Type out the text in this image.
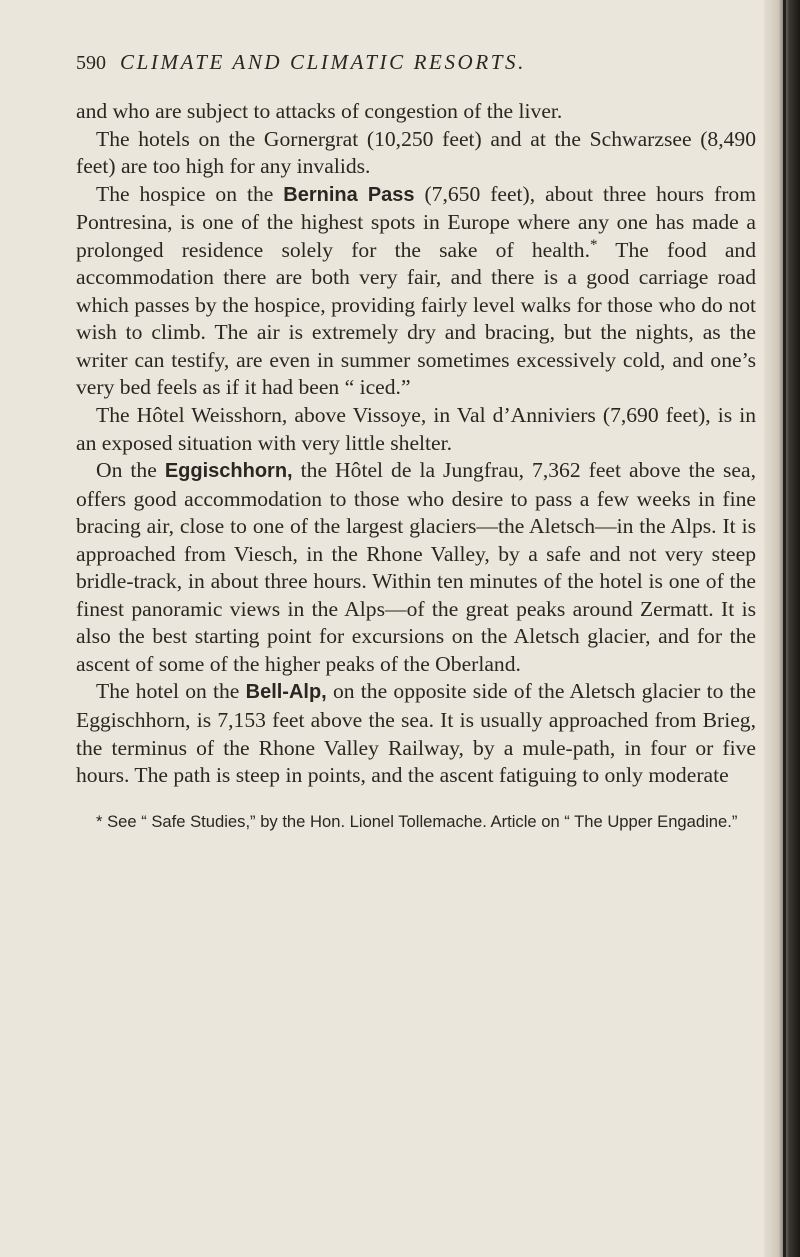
590 CLIMATE AND CLIMATIC RESORTS.

and who are subject to attacks of congestion of the liver.

The hotels on the Gornergrat (10,250 feet) and at the Schwarzsee (8,490 feet) are too high for any invalids.

The hospice on the Bernina Pass (7,650 feet), about three hours from Pontresina, is one of the highest spots in Europe where any one has made a prolonged residence solely for the sake of health.* The food and accommodation there are both very fair, and there is a good carriage road which passes by the hospice, providing fairly level walks for those who do not wish to climb. The air is extremely dry and bracing, but the nights, as the writer can testify, are even in summer sometimes excessively cold, and one’s very bed feels as if it had been “ iced.”

The Hôtel Weisshorn, above Vissoye, in Val d’Anniviers (7,690 feet), is in an exposed situation with very little shelter.

On the Eggischhorn, the Hôtel de la Jungfrau, 7,362 feet above the sea, offers good accommodation to those who desire to pass a few weeks in fine bracing air, close to one of the largest glaciers—the Aletsch—in the Alps. It is approached from Viesch, in the Rhone Valley, by a safe and not very steep bridle-track, in about three hours. Within ten minutes of the hotel is one of the finest panoramic views in the Alps—of the great peaks around Zermatt. It is also the best starting point for excursions on the Aletsch glacier, and for the ascent of some of the higher peaks of the Oberland.

The hotel on the Bell-Alp, on the opposite side of the Aletsch glacier to the Eggischhorn, is 7,153 feet above the sea. It is usually approached from Brieg, the terminus of the Rhone Valley Railway, by a mule-path, in four or five hours. The path is steep in points, and the ascent fatiguing to only moderate

* See “ Safe Studies,” by the Hon. Lionel Tollemache. Article on “ The Upper Engadine.”
